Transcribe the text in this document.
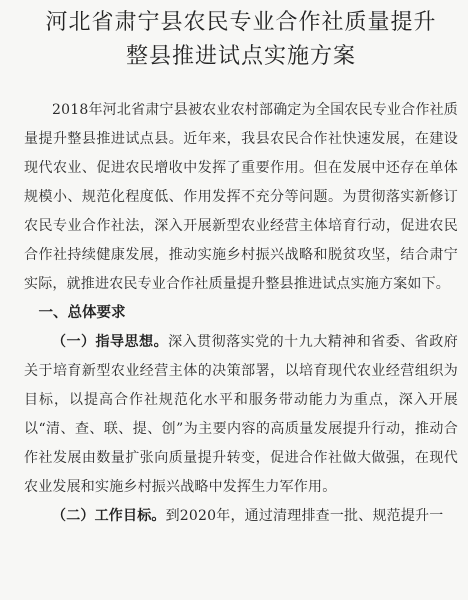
河北省肃宁县农民专业合作社质量提升
整县推进试点实施方案

2018年河北省肃宁县被农业农村部确定为全国农民专业合作社质量提升整县推进试点县。近年来，我县农民合作社快速发展，在建设现代农业、促进农民增收中发挥了重要作用。但在发展中还存在单体规模小、规范化程度低、作用发挥不充分等问题。为贯彻落实新修订农民专业合作社法，深入开展新型农业经营主体培育行动，促进农民合作社持续健康发展，推动实施乡村振兴战略和脱贫攻坚，结合肃宁实际，就推进农民专业合作社质量提升整县推进试点实施方案如下。

一、总体要求

（一）指导思想。深入贯彻落实党的十九大精神和省委、省政府关于培育新型农业经营主体的决策部署，以培育现代农业经营组织为目标，以提高合作社规范化水平和服务带动能力为重点，深入开展以“清、查、联、提、创”为主要内容的高质量发展提升行动，推动合作社发展由数量扩张向质量提升转变，促进合作社做大做强，在现代农业发展和实施乡村振兴战略中发挥生力军作用。

（二）工作目标。到2020年，通过清理排查一批、规范提升一
